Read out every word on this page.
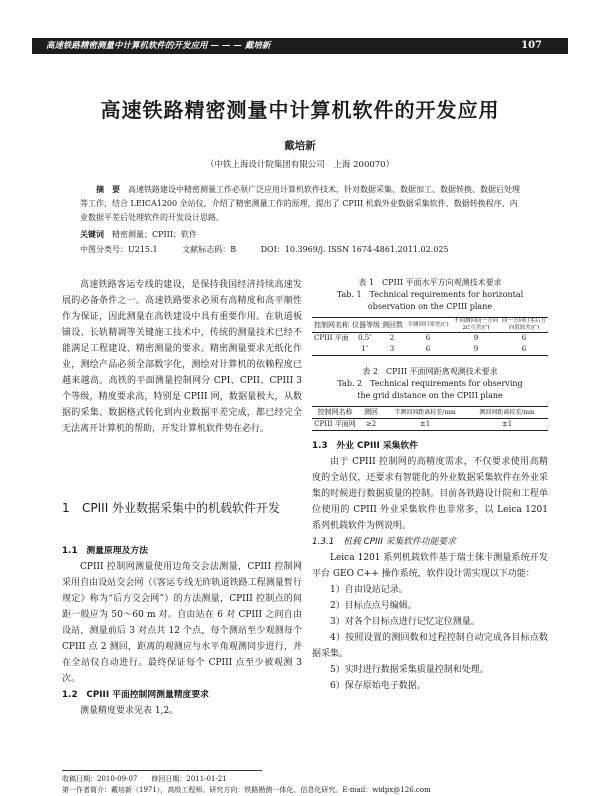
高速铁路精密测量中计算机软件的开发应用 — — — 戴培新	107
高速铁路精密测量中计算机软件的开发应用
戴培新
（中铁上海设计院集团有限公司　上海 200070）
摘　要　 高速铁路建设中精密测量工作必须广泛应用计算机软件技术，针对数据采集、数据加工、数据转换、数据后处理等工作，结合 LEICA1200 全站仪，介绍了精密测量工作的原理，提出了 CPIII 机载外业数据采集软件、数据转换程序、内业数据平差后处理软件的开发设计思路。
关键词　 精密测量；CPIII；软件
中图分类号：U215.1	文献标志码：B	DOI：10.3969/j. ISSN 1674-4861.2011.02.025

高速铁路客运专线的建设，是保持我国经济持续高速发展的必备条件之一。高速铁路要求必须有高精度和高平顺性作为保证，因此测量在高铁建设中具有重要作用。在轨道板铺设、长轨精调等关键施工技术中，传统的测量技术已经不能满足工程建设、精密测量的要求。精密测量要求无纸化作业，测绘产品必须全部数字化，测绘对计算机的依赖程度已越来越高。高铁的平面测量控制网分 CPI、CPII、CPIII 3 个等级，精度要求高，特别是 CPIII 网，数据量极大，从数据的采集、数据格式转化到内业数据平差完成，都已经完全无法离开计算机的帮助，开发计算机软件势在必行。

1 CPIII 外业数据采集中的机载软件开发
1.1　测量原理及方法

CPIII 控制网测量使用边角交会法测量，CPIII 控制网采用自由设站交会网（《客运专线无砟轨道铁路工程测量暂行规定》称为“后方交会网”）的方法测量，CPIII 控制点的间距一般应为 50～60 m 对。自由站在 6 对 CPIII 之间自由设站，测量前后 3 对点共 12 个点，每个测站至少观测每个 CPIII 点 2 测回，距离的观测应与水平角观测同步进行，并在全站仪自动进行。最终保证每个 CPIII 点至少被观测 3 次。

1.2　CPIII 平面控制网测量精度要求

测量精度要求见表 1,2。

表 1　CPIII 平面水平方向观测技术要求
Tab. 1　Technical requirements for horizontal
observation on the CPIII plane
控制网名称	仪器等级	测回数	半测回归零差/(″)	不同测回同一方向2C互差/(″)	同一方向归零后方向值较差/(″)
CPIII 平面	0.5″	2	6	9	6
	1″	3	6	9	6
表 2　CPIII 平面网距离观测技术要求
Tab. 2　Technical requirements for observing
the grid distance on the CPIII plane
控制网名称	测回	半测回间距离较差/mm	测回间距离较差/mm
CPIII 平面网	≥2	±1	±1
1.3　外业 CPIII 采集软件

由于 CPIII 控制网的高精度需求，不仅要求使用高精度的全站仪，还要求有智能化的外业数据采集软件在外业采集的时候进行数据质量的控制。目前各铁路设计院和工程单位使用的 CPIII 外业采集软件也非常多，以 Leica 1201 系列机载软件为例说明。

1.3.1　机载 CPIII 采集软件功能要求

Leica 1201 系列机载软件基于瑞士徕卡测量系统开发平台 GEO C++ 操作系统，软件设计需实现以下功能：

1）自由设站记录。

2）目标点点号编辑。

3）对各个目标点进行记忆定位测量。

4）按照设置的测回数和过程控制自动完成各目标点数据采集。

5）实时进行数据采集质量控制和处理。

6）保存原始电子数据。

收稿日期：2010-09-07　　修回日期：2011-01-21
第一作者简介：戴培新（1971），高级工程师。研究方向：铁路勘测一体化、信息化研究。E-mail：widpx@126.com
